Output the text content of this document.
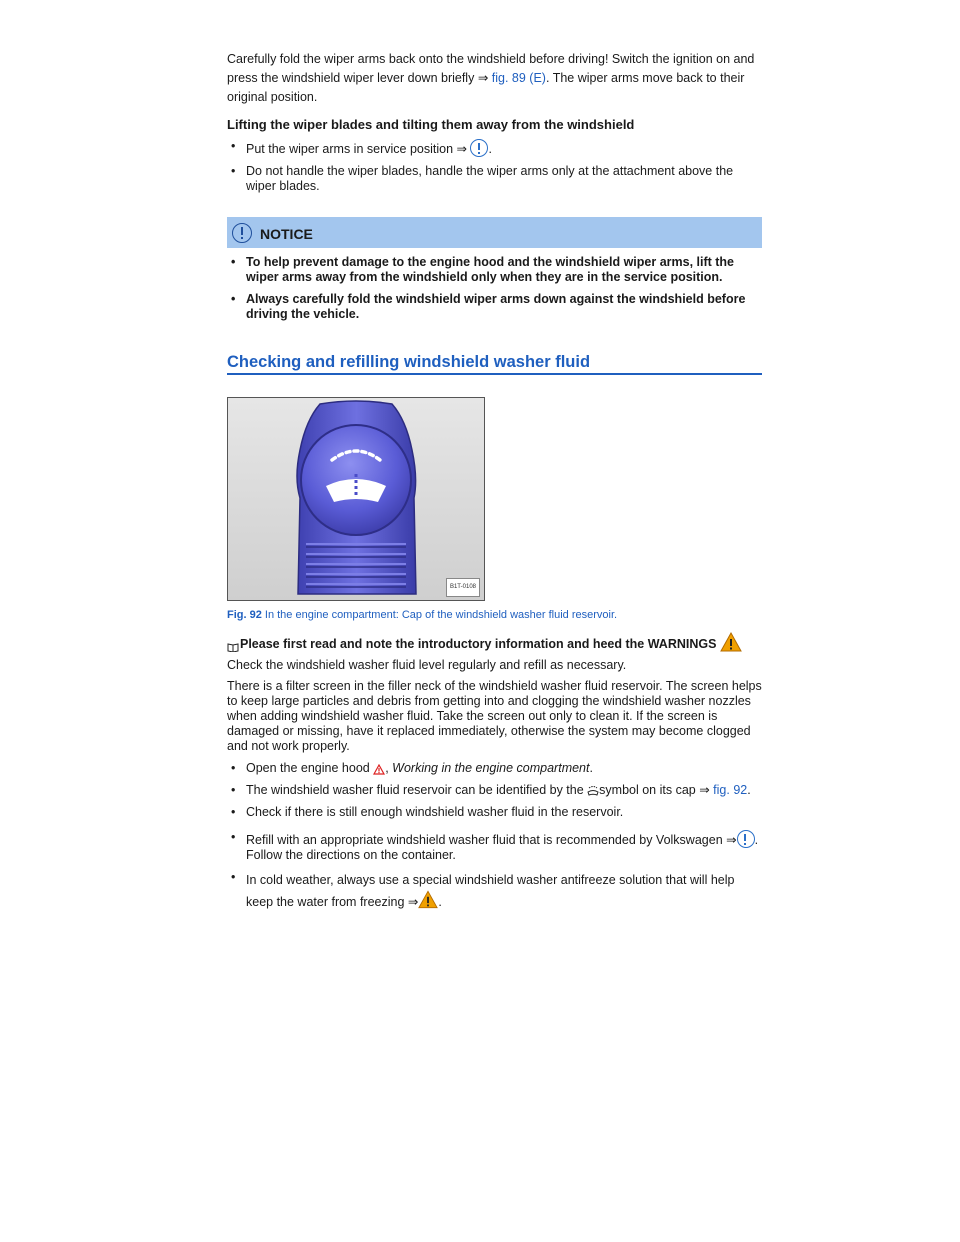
Carefully fold the wiper arms back onto the windshield before driving! Switch the ignition on and press the windshield wiper lever down briefly ⇒ fig. 89 (E). The wiper arms move back to their original position.

Lifting the wiper blades and tilting them away from the windshield

• Put the wiper arms in service position ⇒ .
• Do not handle the wiper blades, handle the wiper arms only at the attachment above the wiper blades.
NOTICE
• To help prevent damage to the engine hood and the windshield wiper arms, lift the wiper arms away from the windshield only when they are in the service position.
• Always carefully fold the windshield wiper arms down against the windshield before driving the vehicle.
Checking and refilling windshield washer fluid
B1T-0108

Fig. 92 In the engine compartment: Cap of the windshield washer fluid reservoir.

Please first read and note the introductory information and heed the WARNINGS

Check the windshield washer fluid level regularly and refill as necessary.

There is a filter screen in the filler neck of the windshield washer fluid reservoir. The screen helps to keep large particles and debris from getting into and clogging the windshield washer nozzles when adding windshield washer fluid. Take the screen out only to clean it. If the screen is damaged or missing, have it replaced immediately, otherwise the system may become clogged and not work properly.

• Open the engine hood , Working in the engine compartment.
• The windshield washer fluid reservoir can be identified by the symbol on its cap ⇒ fig. 92.
• Check if there is still enough windshield washer fluid in the reservoir.
• Refill with an appropriate windshield washer fluid that is recommended by Volkswagen ⇒ . Follow the directions on the container.
• In cold weather, always use a special windshield washer antifreeze solution that will help keep the water from freezing ⇒ .
